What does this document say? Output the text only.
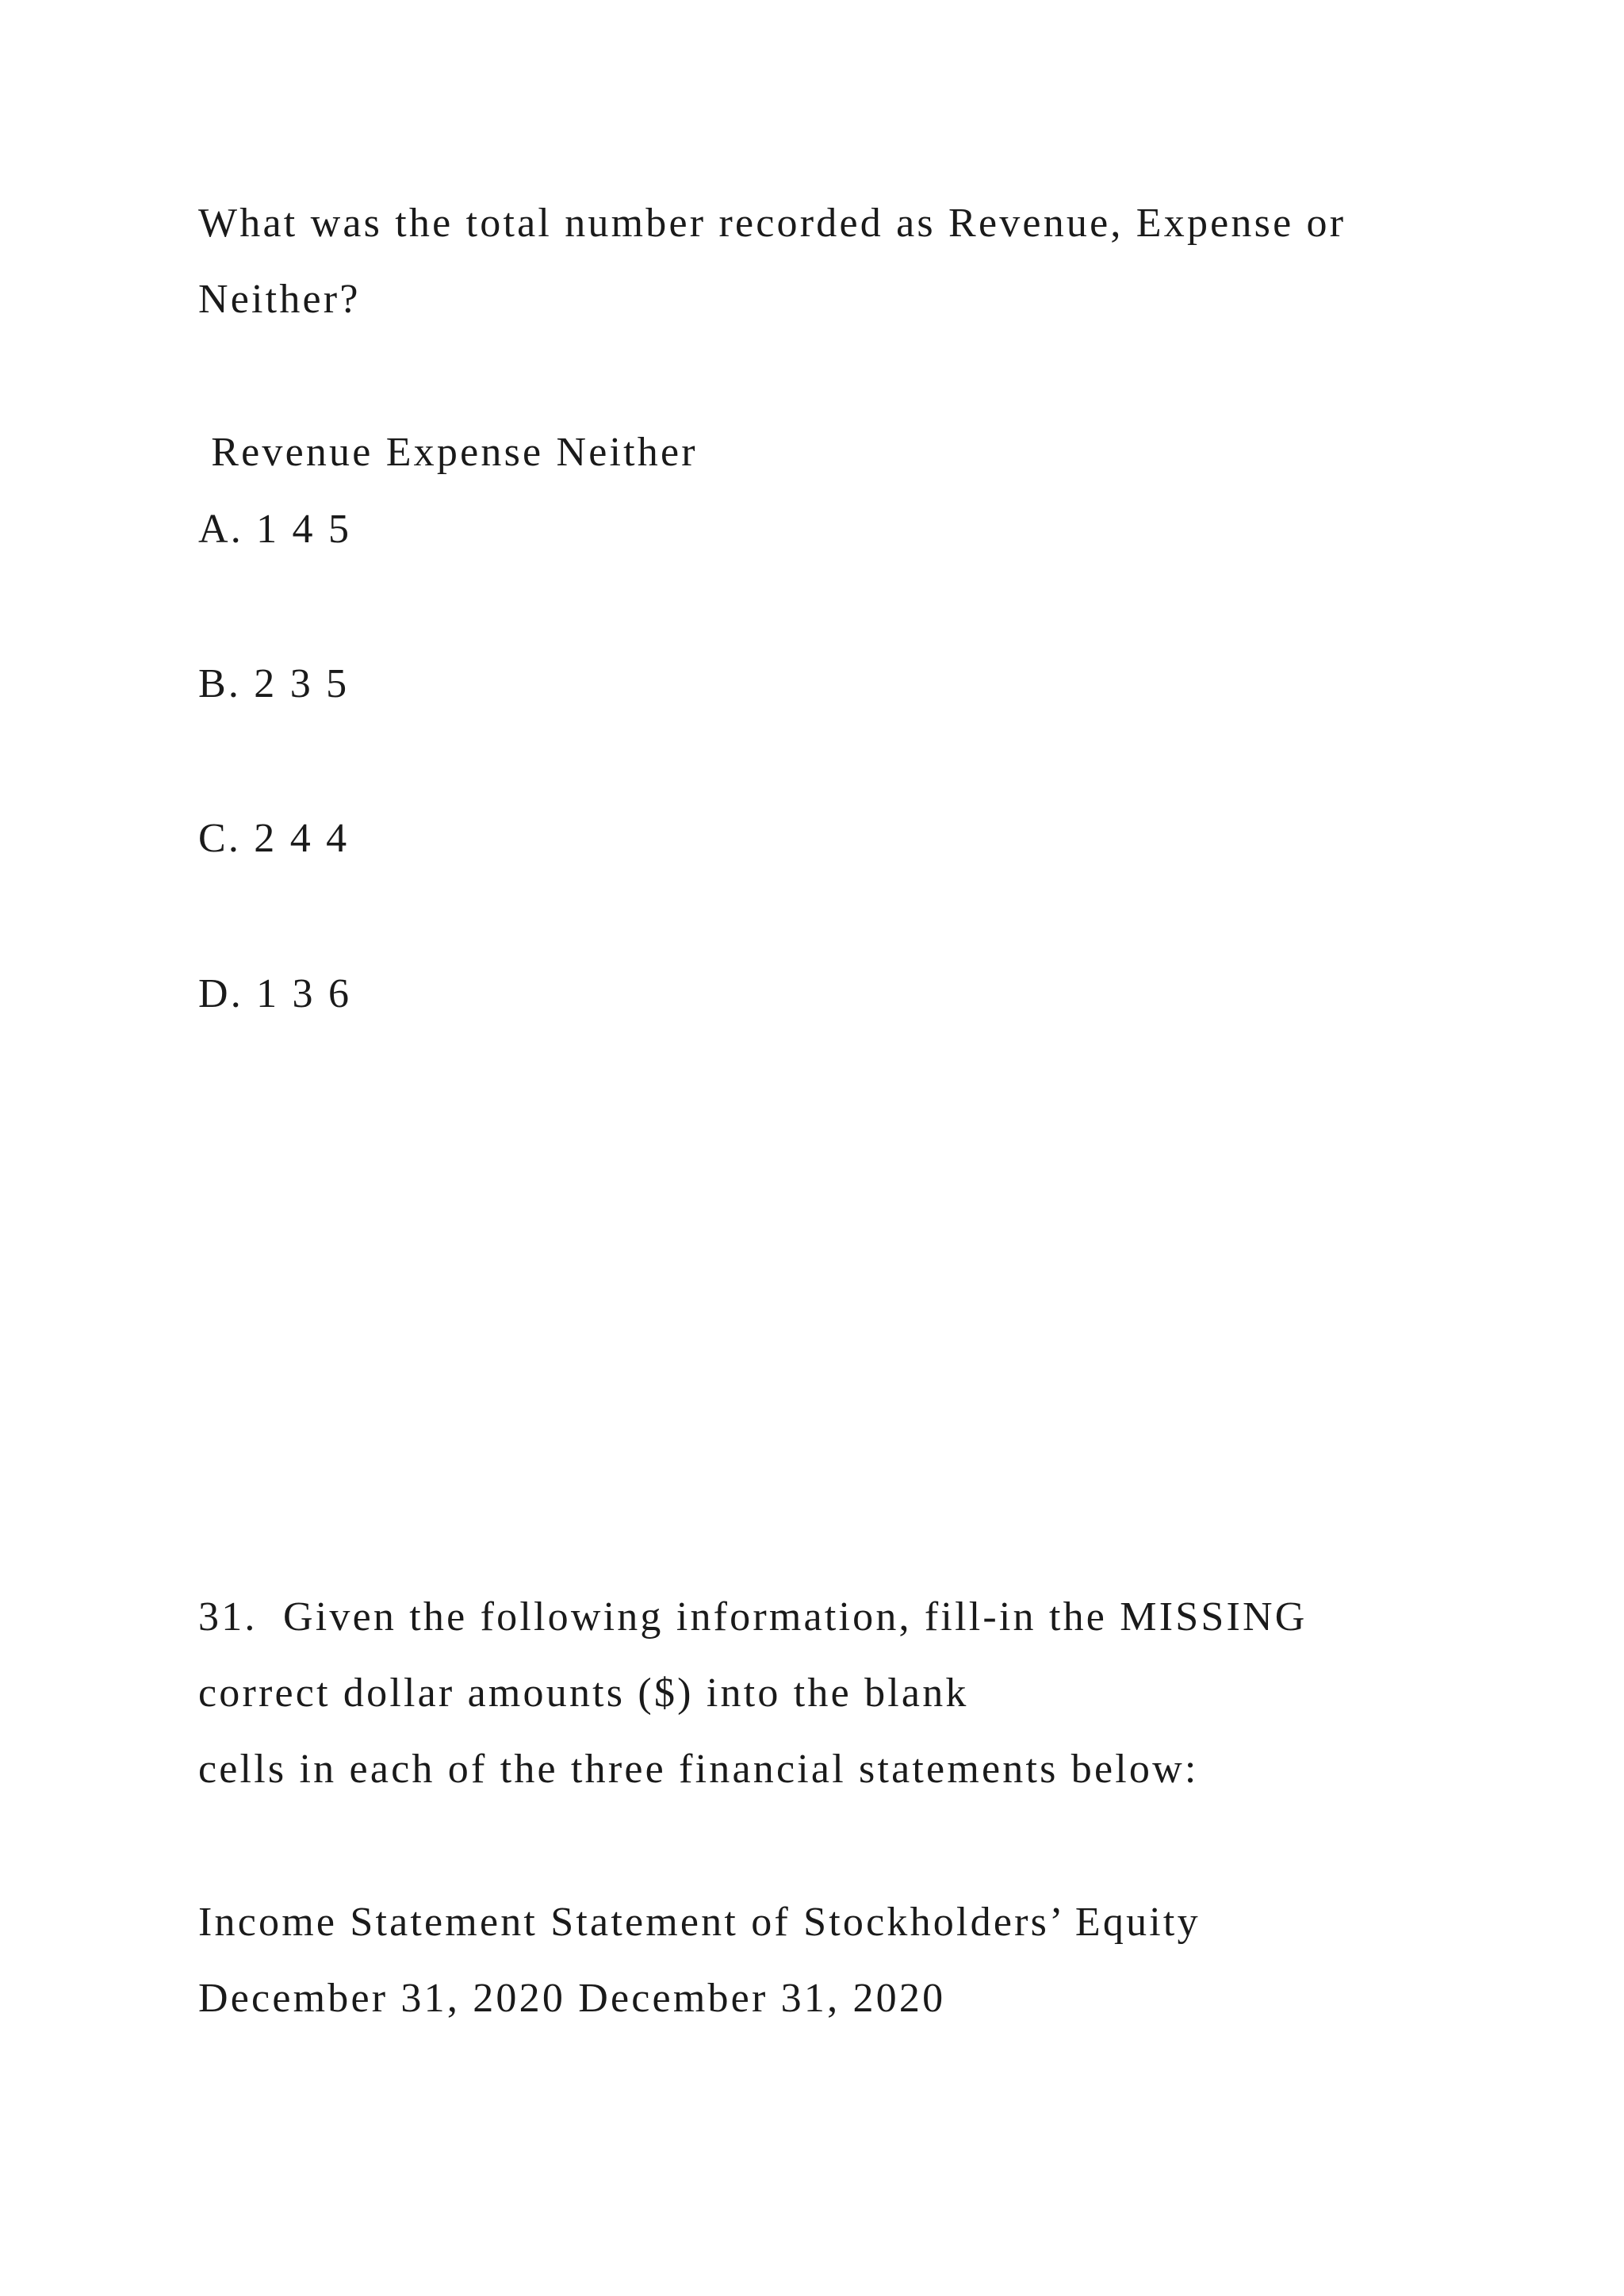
What was the total number recorded as Revenue, Expense or
Neither?
Revenue Expense Neither
A. 1 4 5
B. 2 3 5
C. 2 4 4
D. 1 3 6
31.  Given the following information, fill-in the MISSING
correct dollar amounts ($) into the blank
cells in each of the three financial statements below:
Income Statement Statement of Stockholders’ Equity
December 31, 2020 December 31, 2020
